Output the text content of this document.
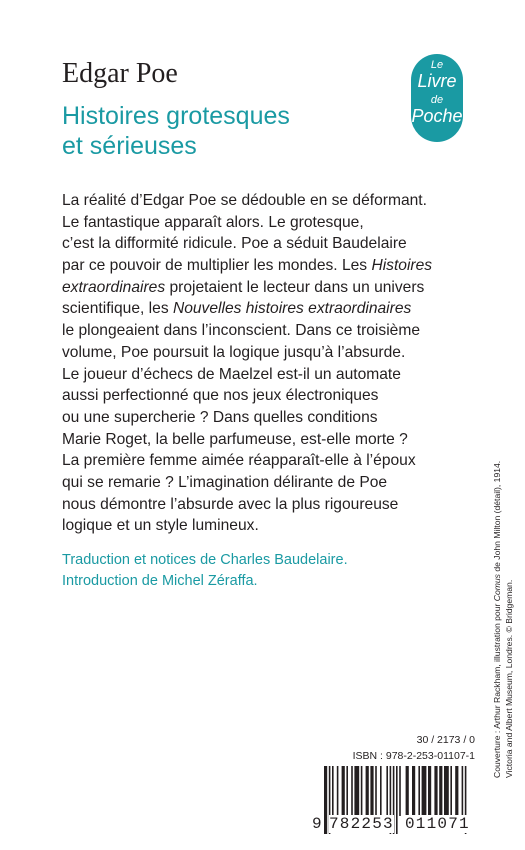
Edgar Poe
Histoires grotesques
et sérieuses
Le
Livre
de
Poche
La réalité d’Edgar Poe se dédouble en se déformant.
Le fantastique apparaît alors. Le grotesque,
c’est la difformité ridicule. Poe a séduit Baudelaire
par ce pouvoir de multiplier les mondes. Les Histoires
extraordinaires projetaient le lecteur dans un univers
scientifique, les Nouvelles histoires extraordinaires
le plongeaient dans l’inconscient. Dans ce troisième
volume, Poe poursuit la logique jusqu’à l’absurde.
Le joueur d’échecs de Maelzel est-il un automate
aussi perfectionné que nos jeux électroniques
ou une supercherie ? Dans quelles conditions
Marie Roget, la belle parfumeuse, est-elle morte ?
La première femme aimée réapparaît-elle à l’époux
qui se remarie ? L’imagination délirante de Poe
nous démontre l’absurde avec la plus rigoureuse
logique et un style lumineux.
Traduction et notices de Charles Baudelaire.
Introduction de Michel Zéraffa.
Couverture : Arthur Rackham, illustration pour Comus de John Milton (détail), 1914.
Victoria and Albert Museum, Londres. © Bridgeman.
30 / 2173 / 0
ISBN : 978-2-253-01107-1
9 782253 011071
